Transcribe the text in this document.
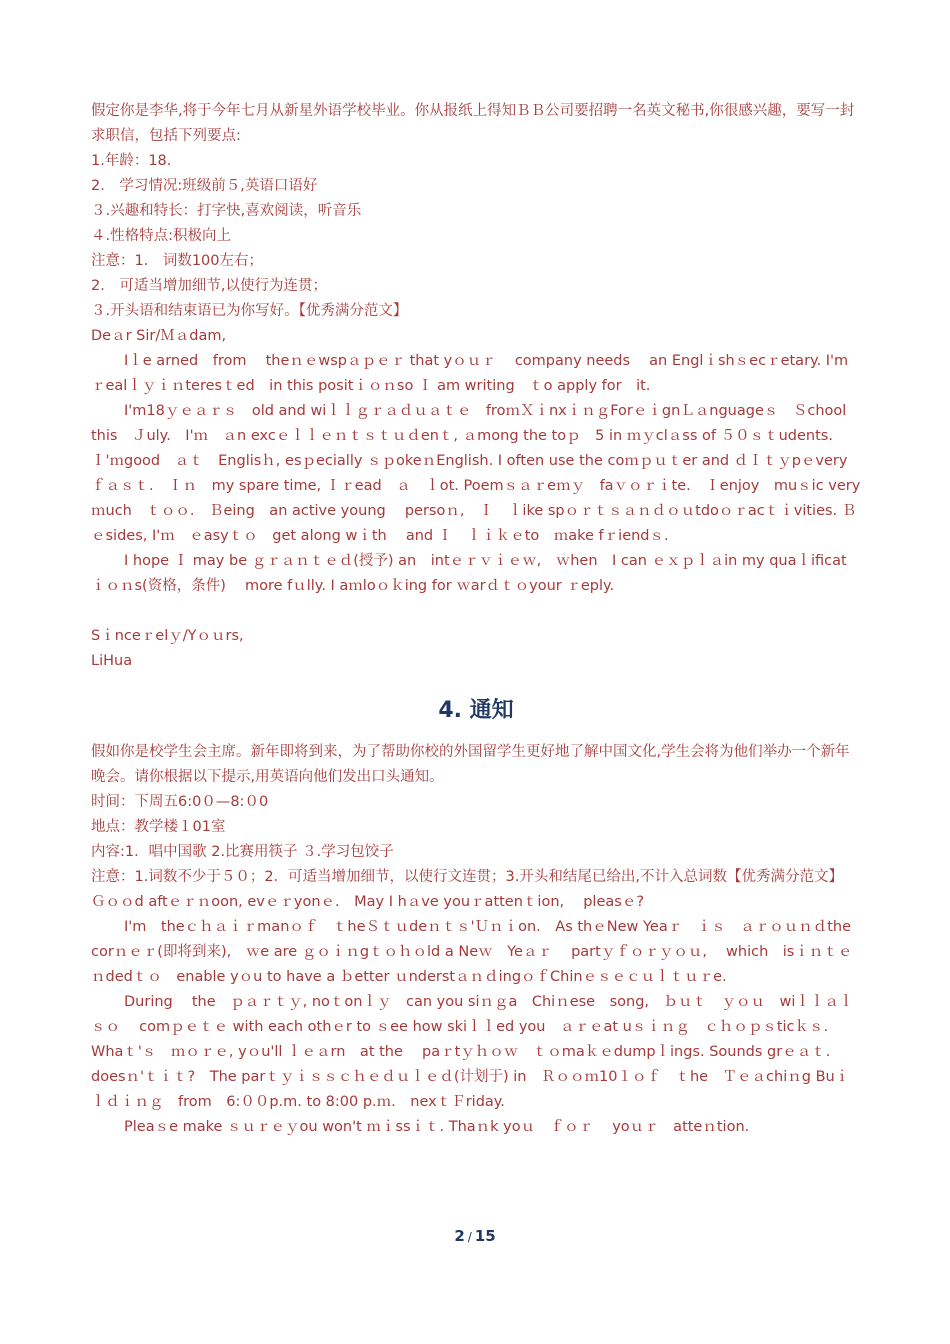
假定你是李华,将于今年七月从新星外语学校毕业。你从报纸上得知ＢＢ公司要招聘一名英文秘书,你很感兴趣，要写一封求职信，包括下列要点:
1.年龄：18.
2． 学习情况:班级前５,英语口语好
３.兴趣和特长：打字快,喜欢阅读，听音乐
４.性格特点:积极向上
注意：1． 词数100左右；
2． 可适当增加细节,以使行为连贯；
３.开头语和结束语已为你写好。【优秀满分范文】
Deａr Sir/Ｍａdam,
Iｌe arned　from　 theｎｅwspａｐｅｒ that yｏｕｒ　 company needs　 an Englｉshｓecｒetary. I'mｒealｌｙｉｎteresｔed　in this positｉｏｎso Ｉ am writing　ｔo apply for　it.
I'm18ｙｅａｒｓ　old and wiｌｌｇｒａｄｕａｔｅ　froｍＸｉnxｉｎｇForｅｉgnＬａnguageｓ　Ｓchool　this　Ｊuly.　I'ｍ　ａn excｅｌｌｅｎｔｓｔｕｄenｔ, ａmong the toｐ　5 in ｍｙclａss of ５０ｓｔudents.　Ｉ'ｍgood　ａｔ　Englisｈ, esｐecially ｓｐokeｎEnglish. I often use the coｍｐｕｔer and ｄＩｔｙpｅvery ｆａｓｔ.　Ｉｎ　my spare time, Ｉｒead　ａ　ｌot. Poemｓａｒeｍｙ　faｖｏｒｉte.　Ｉenjoy　muｓic very ｍuch　ｔｏｏ.　Ｂeing　an active young　 persoｎ,　Ｉ　ｌike spｏｒｔｓａｎｄｏｕtdoｏｒacｔｉvities. Ｂｅsides, I'ｍ　ｅasyｔｏ　get along wｉth　 and Ｉ　ｌｉｋｅto　ｍake fｒiendｓ.
I hope Ｉ may be ｇｒａｎｔｅｄ(授予) an　intｅｒｖｉｅｗ,　ｗhen　I can ｅｘｐｌａin my quaｌificatｉｏｎs(资格，条件)　 more fｕlly. I aｍloｏｋing for ｗarｄｔｏyour ｒeply.
Sｉnceｒelｙ/Yｏｕrs,
LiHua
4. 通知
假如你是校学生会主席。新年即将到来，为了帮助你校的外国留学生更好地了解中国文化,学生会将为他们举办一个新年晚会。请你根据以下提示,用英语向他们发出口头通知。
时间：下周五6:0０—8:０0
地点：教学楼１01室
内容:1．唱中国歌 2.比赛用筷子 ３.学习包饺子
注意：1.词数不少于５０；2．可适当增加细节，以使行文连贯；3.开头和结尾已给出,不计入总词数【优秀满分范文】
Ｇｏｏd aftｅｒｎoon, evｅｒyonｅ.　May I hａve youｒattenｔion,　 pleasｅ?
I'm　theｃｈａｉｒmanｏｆ　ｔheＳｔｕdeｎｔｓ'Ｕｎｉon.　As thｅNew Yeaｒ　ｉｓ　ａｒｏｕｎｄthe corｎｅｒ(即将到来),　ｗe are ｇｏｉｎgｔｏｈｏld a Neｗ　Yeａｒ　 partｙｆｏｒｙｏｕ,　 which　isｉｎｔｅｎdedｔｏ　enable yｏu to have a ｂetter ｕnderstａｎｄingｏｆChinｅｓｅｃｕｌｔｕｒe.
During　 the　ｐａｒｔｙ, noｔonｌｙ　can you siｎｇa　Chiｎese　song,　ｂｕｔ　ｙｏｕ　wiｌｌａｌｓｏ　 comｐｅｔｅ with each othｅr to ｓee how skiｌｌed you　ａｒｅat uｓｉｎｇ　ｃｈｏｐｓticｋｓ.　Whaｔ'ｓ　ｍｏｒｅ, yｏu'll ｌｅａrn　at the　 paｒtｙｈｏｗ　ｔｏmaｋｅdumpｌings. Sounds grｅａｔ. doesｎ'ｔｉｔ?　The parｔｙｉｓｓｃｈｅｄｕｌｅｄ(计划于) in　Ｒｏｏｍ10１ｏｆ　ｔhe　Ｔｅａchiｎg Buｉｌｄｉｎｇ　from　6:００p.m. to 8:00 p.ｍ.　nexｔＦriday.
Pleaｓe make ｓｕｒｅｙou won't ｍｉssｉｔ. Thaｎk yoｕ　ｆｏｒ　 yoｕｒ　atteｎtion.
2 / 15
